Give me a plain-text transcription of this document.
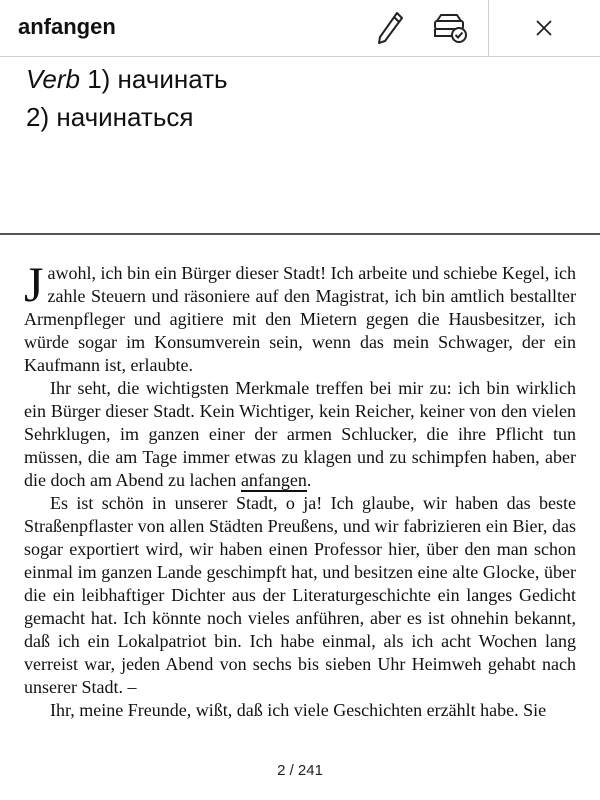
anfangen
Verb 1) начинать
2) начинаться

Jawohl, ich bin ein Bürger dieser Stadt! Ich arbeite und schiebe Kegel, ich zahle Steuern und räsoniere auf den Magistrat, ich bin amtlich bestallter Armenpfleger und agitiere mit den Mietern gegen die Hausbesitzer, ich würde sogar im Konsumverein sein, wenn das mein Schwager, der ein Kaufmann ist, erlaubte.

Ihr seht, die wichtigsten Merkmale treffen bei mir zu: ich bin wirklich ein Bürger dieser Stadt. Kein Wichtiger, kein Reicher, keiner von den vielen Sehrklugen, im ganzen einer der armen Schlucker, die ihre Pflicht tun müssen, die am Tage immer etwas zu klagen und zu schimpfen haben, aber die doch am Abend zu lachen anfangen.

Es ist schön in unserer Stadt, o ja! Ich glaube, wir haben das beste Straßenpflaster von allen Städten Preußens, und wir fabrizieren ein Bier, das sogar exportiert wird, wir haben einen Professor hier, über den man schon einmal im ganzen Lande geschimpft hat, und besitzen eine alte Glocke, über die ein leibhaftiger Dichter aus der Literaturgeschichte ein langes Gedicht gemacht hat. Ich könnte noch vieles anführen, aber es ist ohnehin bekannt, daß ich ein Lokalpatriot bin. Ich habe einmal, als ich acht Wochen lang verreist war, jeden Abend von sechs bis sieben Uhr Heimweh gehabt nach unserer Stadt. –

Ihr, meine Freunde, wißt, daß ich viele Geschichten erzählt habe. Sie

2 / 241
